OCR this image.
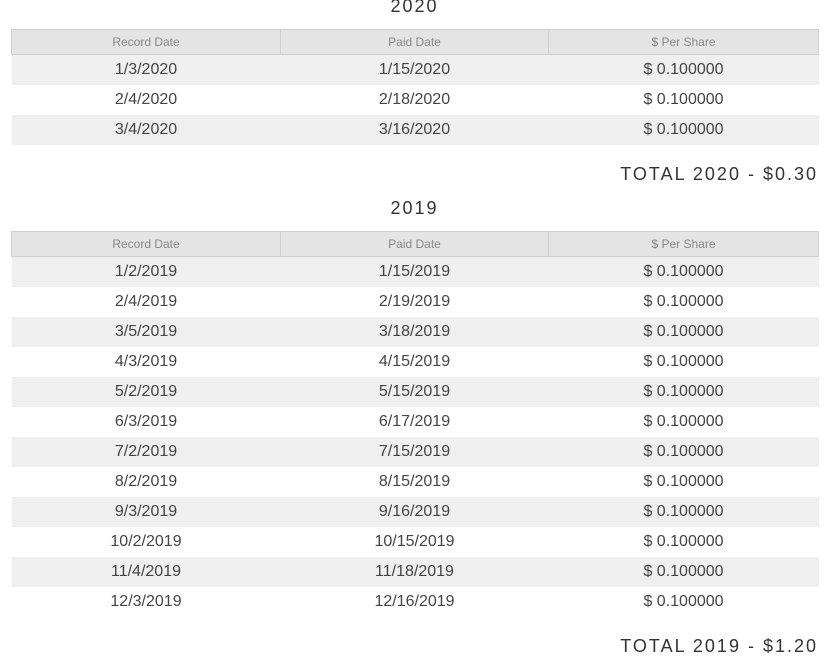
2020
Record Date	Paid Date	$ Per Share
1/3/2020	1/15/2020	$ 0.100000
2/4/2020	2/18/2020	$ 0.100000
3/4/2020	3/16/2020	$ 0.100000
TOTAL 2020 - $0.30
2019
Record Date	Paid Date	$ Per Share
1/2/2019	1/15/2019	$ 0.100000
2/4/2019	2/19/2019	$ 0.100000
3/5/2019	3/18/2019	$ 0.100000
4/3/2019	4/15/2019	$ 0.100000
5/2/2019	5/15/2019	$ 0.100000
6/3/2019	6/17/2019	$ 0.100000
7/2/2019	7/15/2019	$ 0.100000
8/2/2019	8/15/2019	$ 0.100000
9/3/2019	9/16/2019	$ 0.100000
10/2/2019	10/15/2019	$ 0.100000
11/4/2019	11/18/2019	$ 0.100000
12/3/2019	12/16/2019	$ 0.100000
TOTAL 2019 - $1.20
